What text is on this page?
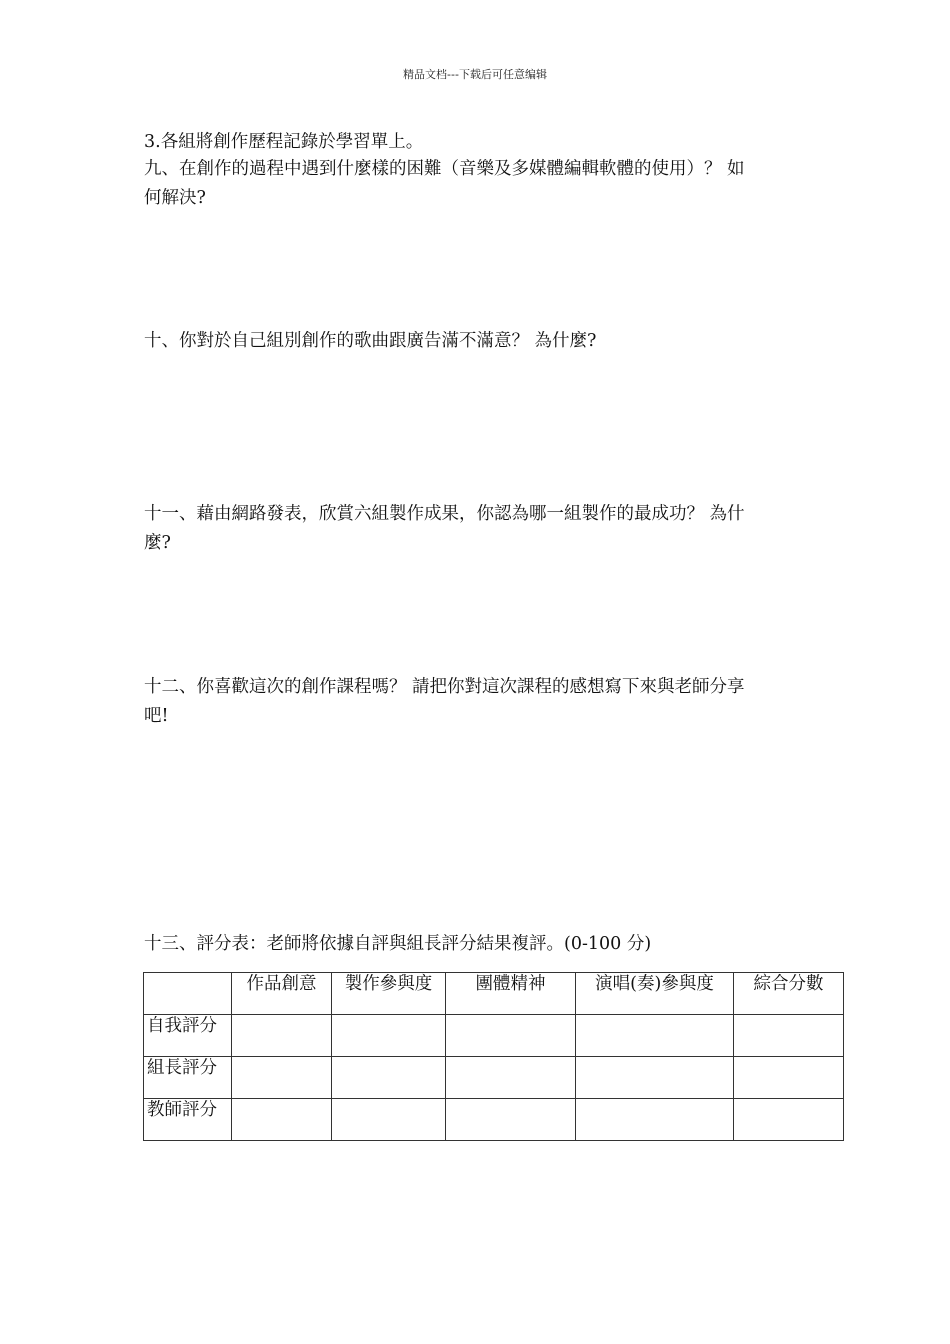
精品文档---下载后可任意编辑

3.各組將創作歷程記錄於學習單上。

九、在創作的過程中遇到什麼樣的困難（音樂及多媒體編輯軟體的使用）？ 如

何解決?

十、你對於自己組別創作的歌曲跟廣告滿不滿意？ 為什麼?

十一、藉由網路發表，欣賞六組製作成果，你認為哪一組製作的最成功？ 為什

麼?

十二、你喜歡這次的創作課程嗎？ 請把你對這次課程的感想寫下來與老師分享

吧!

十三、評分表：老師將依據自評與組長評分結果複評。(0-100 分)

	作品創意	製作參與度	團體精神	演唱(奏)參與度	綜合分數
自我評分					
組長評分					
教師評分					
